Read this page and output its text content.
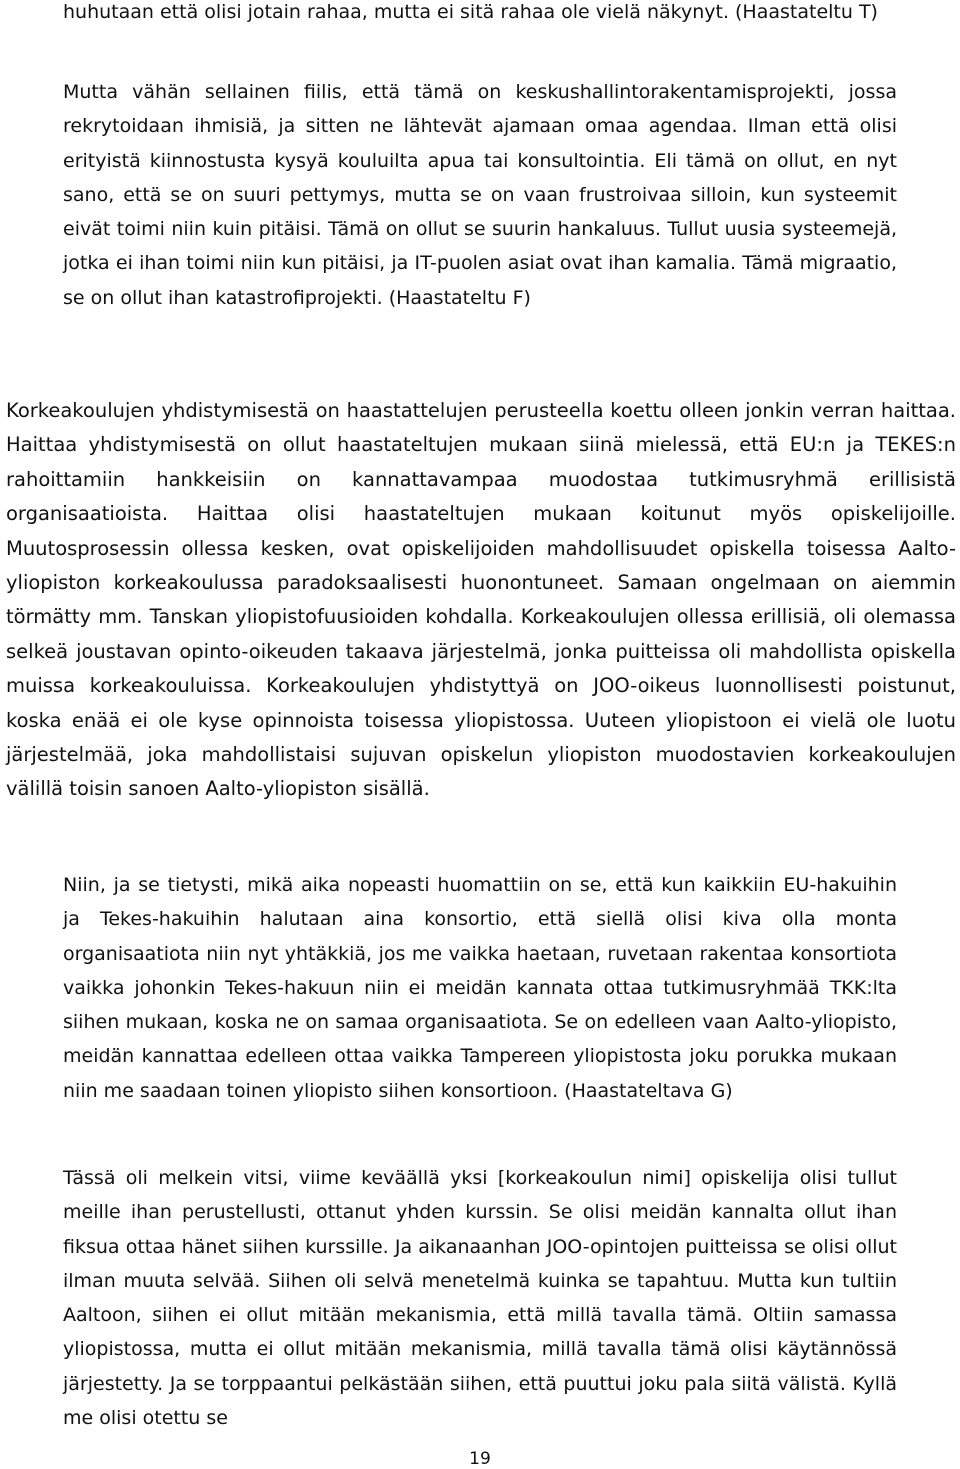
huhutaan että olisi jotain rahaa, mutta ei sitä rahaa ole vielä näkynyt. (Haastateltu T)

Mutta vähän sellainen fiilis, että tämä on keskushallintorakentamisprojekti, jossa rekrytoidaan ihmisiä, ja sitten ne lähtevät ajamaan omaa agendaa. Ilman että olisi erityistä kiinnostusta kysyä kouluilta apua tai konsultointia. Eli tämä on ollut, en nyt sano, että se on suuri pettymys, mutta se on vaan frustroivaa silloin, kun systeemit eivät toimi niin kuin pitäisi. Tämä on ollut se suurin hankaluus. Tullut uusia systeemejä, jotka ei ihan toimi niin kun pitäisi, ja IT-puolen asiat ovat ihan kamalia. Tämä migraatio, se on ollut ihan katastrofiprojekti. (Haastateltu F)

Korkeakoulujen yhdistymisestä on haastattelujen perusteella koettu olleen jonkin verran haittaa. Haittaa yhdistymisestä on ollut haastateltujen mukaan siinä mielessä, että EU:n ja TEKES:n rahoittamiin hankkeisiin on kannattavampaa muodostaa tutkimusryhmä erillisistä organisaatioista. Haittaa olisi haastateltujen mukaan koitunut myös opiskelijoille. Muutosprosessin ollessa kesken, ovat opiskelijoiden mahdollisuudet opiskella toisessa Aalto-yliopiston korkeakoulussa paradoksaalisesti huonontuneet. Samaan ongelmaan on aiemmin törmätty mm. Tanskan yliopistofuusioiden kohdalla. Korkeakoulujen ollessa erillisiä, oli olemassa selkeä joustavan opinto-oikeuden takaava järjestelmä, jonka puitteissa oli mahdollista opiskella muissa korkeakouluissa. Korkeakoulujen yhdistyttyä on JOO-oikeus luonnollisesti poistunut, koska enää ei ole kyse opinnoista toisessa yliopistossa. Uuteen yliopistoon ei vielä ole luotu järjestelmää, joka mahdollistaisi sujuvan opiskelun yliopiston muodostavien korkeakoulujen välillä toisin sanoen Aalto-yliopiston sisällä.

Niin, ja se tietysti, mikä aika nopeasti huomattiin on se, että kun kaikkiin EU-hakuihin ja Tekes-hakuihin halutaan aina konsortio, että siellä olisi kiva olla monta organisaatiota niin nyt yhtäkkiä, jos me vaikka haetaan, ruvetaan rakentaa konsortiota vaikka johonkin Tekes-hakuun niin ei meidän kannata ottaa tutkimusryhmää TKK:lta siihen mukaan, koska ne on samaa organisaatiota. Se on edelleen vaan Aalto-yliopisto, meidän kannattaa edelleen ottaa vaikka Tampereen yliopistosta joku porukka mukaan niin me saadaan toinen yliopisto siihen konsortioon. (Haastateltava G)

Tässä oli melkein vitsi, viime keväällä yksi [korkeakoulun nimi] opiskelija olisi tullut meille ihan perustellusti, ottanut yhden kurssin. Se olisi meidän kannalta ollut ihan fiksua ottaa hänet siihen kurssille. Ja aikanaanhan JOO-opintojen puitteissa se olisi ollut ilman muuta selvää. Siihen oli selvä menetelmä kuinka se tapahtuu. Mutta kun tultiin Aaltoon, siihen ei ollut mitään mekanismia, että millä tavalla tämä. Oltiin samassa yliopistossa, mutta ei ollut mitään mekanismia, millä tavalla tämä olisi käytännössä järjestetty. Ja se torppaantui pelkästään siihen, että puuttui joku pala siitä välistä. Kyllä me olisi otettu se

19
